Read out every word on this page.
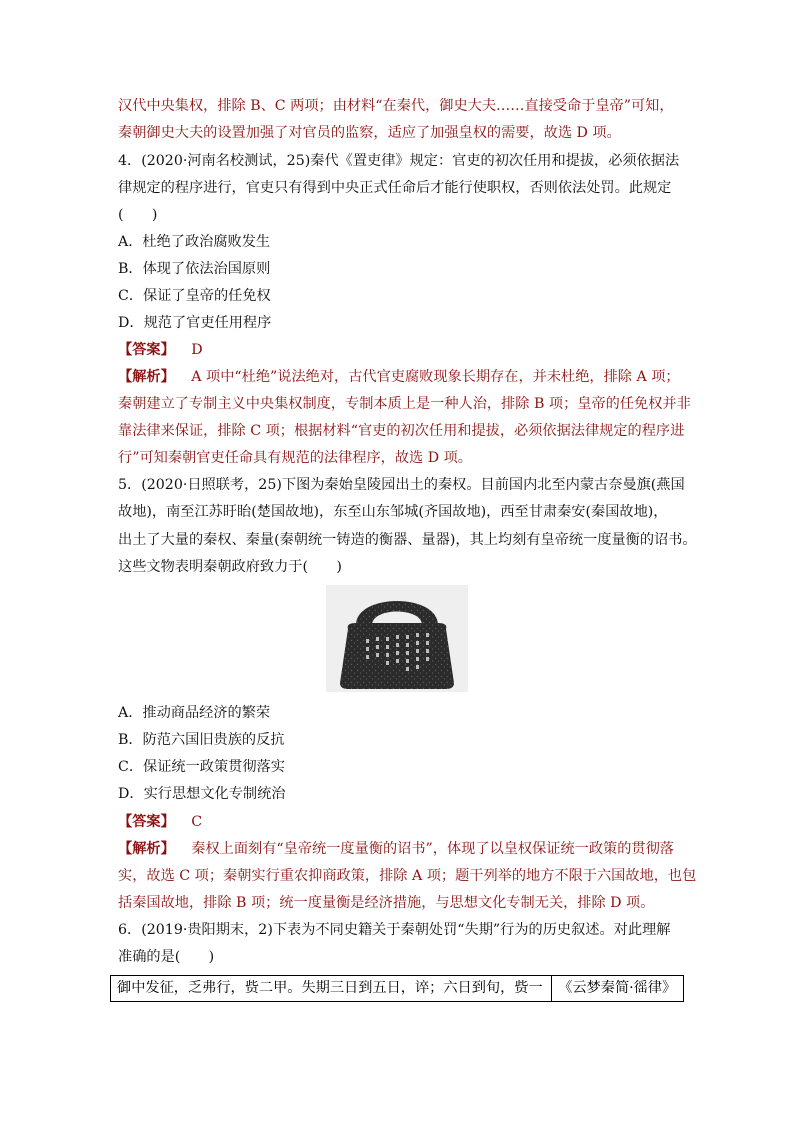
汉代中央集权，排除 B、C 两项；由材料“在秦代，御史大夫……直接受命于皇帝”可知，
秦朝御史大夫的设置加强了对官员的监察，适应了加强皇权的需要，故选 D 项。
4．(2020·河南名校测试，25)秦代《置吏律》规定：官吏的初次任用和提拔，必须依据法
律规定的程序进行，官吏只有得到中央正式任命后才能行使职权，否则依法处罚。此规定
(　　)
A．杜绝了政治腐败发生
B．体现了依法治国原则
C．保证了皇帝的任免权
D．规范了官吏任用程序
【答案】 D
【解析】 A 项中“杜绝”说法绝对，古代官吏腐败现象长期存在，并未杜绝，排除 A 项；
秦朝建立了专制主义中央集权制度，专制本质上是一种人治，排除 B 项；皇帝的任免权并非
靠法律来保证，排除 C 项；根据材料“官吏的初次任用和提拔，必须依据法律规定的程序进
行”可知秦朝官吏任命具有规范的法律程序，故选 D 项。
5．(2020·日照联考，25)下图为秦始皇陵园出土的秦权。目前国内北至内蒙古奈曼旗(燕国
故地)，南至江苏盱眙(楚国故地)，东至山东邹城(齐国故地)，西至甘肃秦安(秦国故地)，
出土了大量的秦权、秦量(秦朝统一铸造的衡器、量器)，其上均刻有皇帝统一度量衡的诏书。
这些文物表明秦朝政府致力于(　　)
A．推动商品经济的繁荣
B．防范六国旧贵族的反抗
C．保证统一政策贯彻落实
D．实行思想文化专制统治
【答案】 C
【解析】 秦权上面刻有“皇帝统一度量衡的诏书”，体现了以皇权保证统一政策的贯彻落
实，故选 C 项；秦朝实行重农抑商政策，排除 A 项；题干列举的地方不限于六国故地，也包
括秦国故地，排除 B 项；统一度量衡是经济措施，与思想文化专制无关，排除 D 项。
6．(2019·贵阳期末，2)下表为不同史籍关于秦朝处罚“失期”行为的历史叙述。对此理解
准确的是(　　)
御中发征，乏弗行，赀二甲。失期三日到五日，谇；六日到旬，赀一	《云梦秦简·徭律》
